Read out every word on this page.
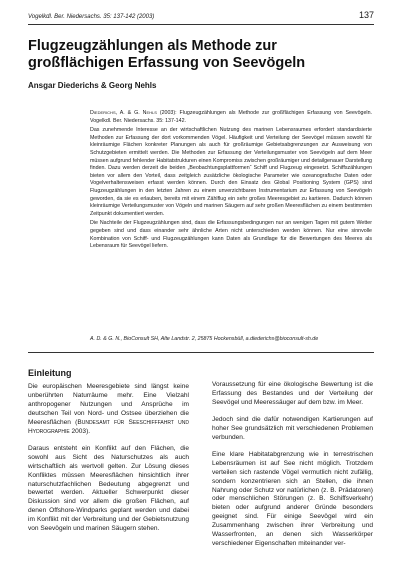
Vogelkdl. Ber. Niedersachs. 35: 137-142 (2003)	137
Flugzeugzählungen als Methode zur großflächigen Erfassung von Seevögeln
Ansgar Diederichs & Georg Nehls

Diederichs, A. & G. Nehls (2003): Flugzeugzählungen als Methode zur großflächigen Erfassung von Seevögeln. Vogelkdl. Ber. Niedersachs. 35: 137-142.

Das zunehmende Interesse an der wirtschaftlichen Nutzung des marinen Lebensraumes erfordert standardisierte Methoden zur Erfassung der dort vorkommenden Vögel. Häufigkeit und Verteilung der Seevögel müssen sowohl für kleinräumige Flächen konkreter Planungen als auch für großräumige Gebietsabgrenzungen zur Ausweisung von Schutzgebieten ermittelt werden. Die Methoden zur Erfassung der Verteilungsmuster von Seevögeln auf dem Meer müssen aufgrund fehlender Habitatstrukturen einen Kompromiss zwischen großräumiger und detailgenauer Darstellung finden. Dazu werden derzeit die beiden „Beobachtungsplattformen“ Schiff und Flugzeug eingesetzt. Schiffszählungen bieten vor allem den Vorteil, dass zeitgleich zusätzliche ökologische Parameter wie ozeanografische Daten oder Vogelverhaltensweisen erfasst werden können. Durch den Einsatz des Global Positioning System (GPS) sind Flugzeugzählungen in den letzten Jahren zu einem unverzichtbaren Instrumentarium zur Erfassung von Seevögeln geworden, da sie es erlauben, bereits mit einem Zählflug ein sehr großes Meeresgebiet zu kartieren. Dadurch können kleinräumige Verteilungsmuster von Vögeln und marinen Säugern auf sehr großen Meeresflächen zu einem bestimmten Zeitpunkt dokumentiert werden.

Die Nachteile der Flugzeugzählungen sind, dass die Erfassungsbedingungen nur an wenigen Tagen mit gutem Wetter gegeben sind und dass einander sehr ähnliche Arten nicht unterschieden werden können. Nur eine sinnvolle Kombination von Schiff- und Flugzeugzählungen kann Daten als Grundlage für die Bewertungen des Meeres als Lebensraum für Seevögel liefern.

A. D. & G. N., BioConsult SH, Alte Landstr. 2, 25875 Hockensbüll, a.diederichs@bioconsult-sh.de
Einleitung

Die europäischen Meeresgebiete sind längst keine unberührten Naturräume mehr. Eine Vielzahl anthropogener Nutzungen und Ansprüche im deutschen Teil von Nord- und Ostsee überziehen die Meeresflächen (Bundesamt für Seeschifffahrt und Hydrographie 2003).

Daraus entsteht ein Konflikt auf den Flächen, die sowohl aus Sicht des Naturschutzes als auch wirtschaftlich als wertvoll gelten. Zur Lösung dieses Konfliktes müssen Meeresflächen hinsichtlich ihrer naturschutzfachlichen Bedeutung abgegrenzt und bewertet werden. Aktueller Schwerpunkt dieser Diskussion sind vor allem die großen Flächen, auf denen Offshore-Windparks geplant werden und dabei im Konflikt mit der Verbreitung und der Gebietsnutzung von Seevögeln und marinen Säugern stehen.

Voraussetzung für eine ökologische Bewertung ist die Erfassung des Bestandes und der Verteilung der Seevögel und Meeressäuger auf dem bzw. im Meer.

Jedoch sind die dafür notwendigen Kartierungen auf hoher See grundsätzlich mit verschiedenen Problemen verbunden.

Eine klare Habitatabgrenzung wie in terrestrischen Lebensräumen ist auf See nicht möglich. Trotzdem verteilen sich rastende Vögel vermutlich nicht zufällig, sondern konzentrieren sich an Stellen, die ihnen Nahrung oder Schutz vor natürlichen (z. B. Prädatoren) oder menschlichen Störungen (z. B. Schiffsverkehr) bieten oder aufgrund anderer Gründe besonders geeignet sind. Für einige Seevögel wird ein Zusammenhang zwischen ihrer Verbreitung und Wasserfronten, an denen sich Wasserkörper verschiedener Eigenschaften miteinander ver-
